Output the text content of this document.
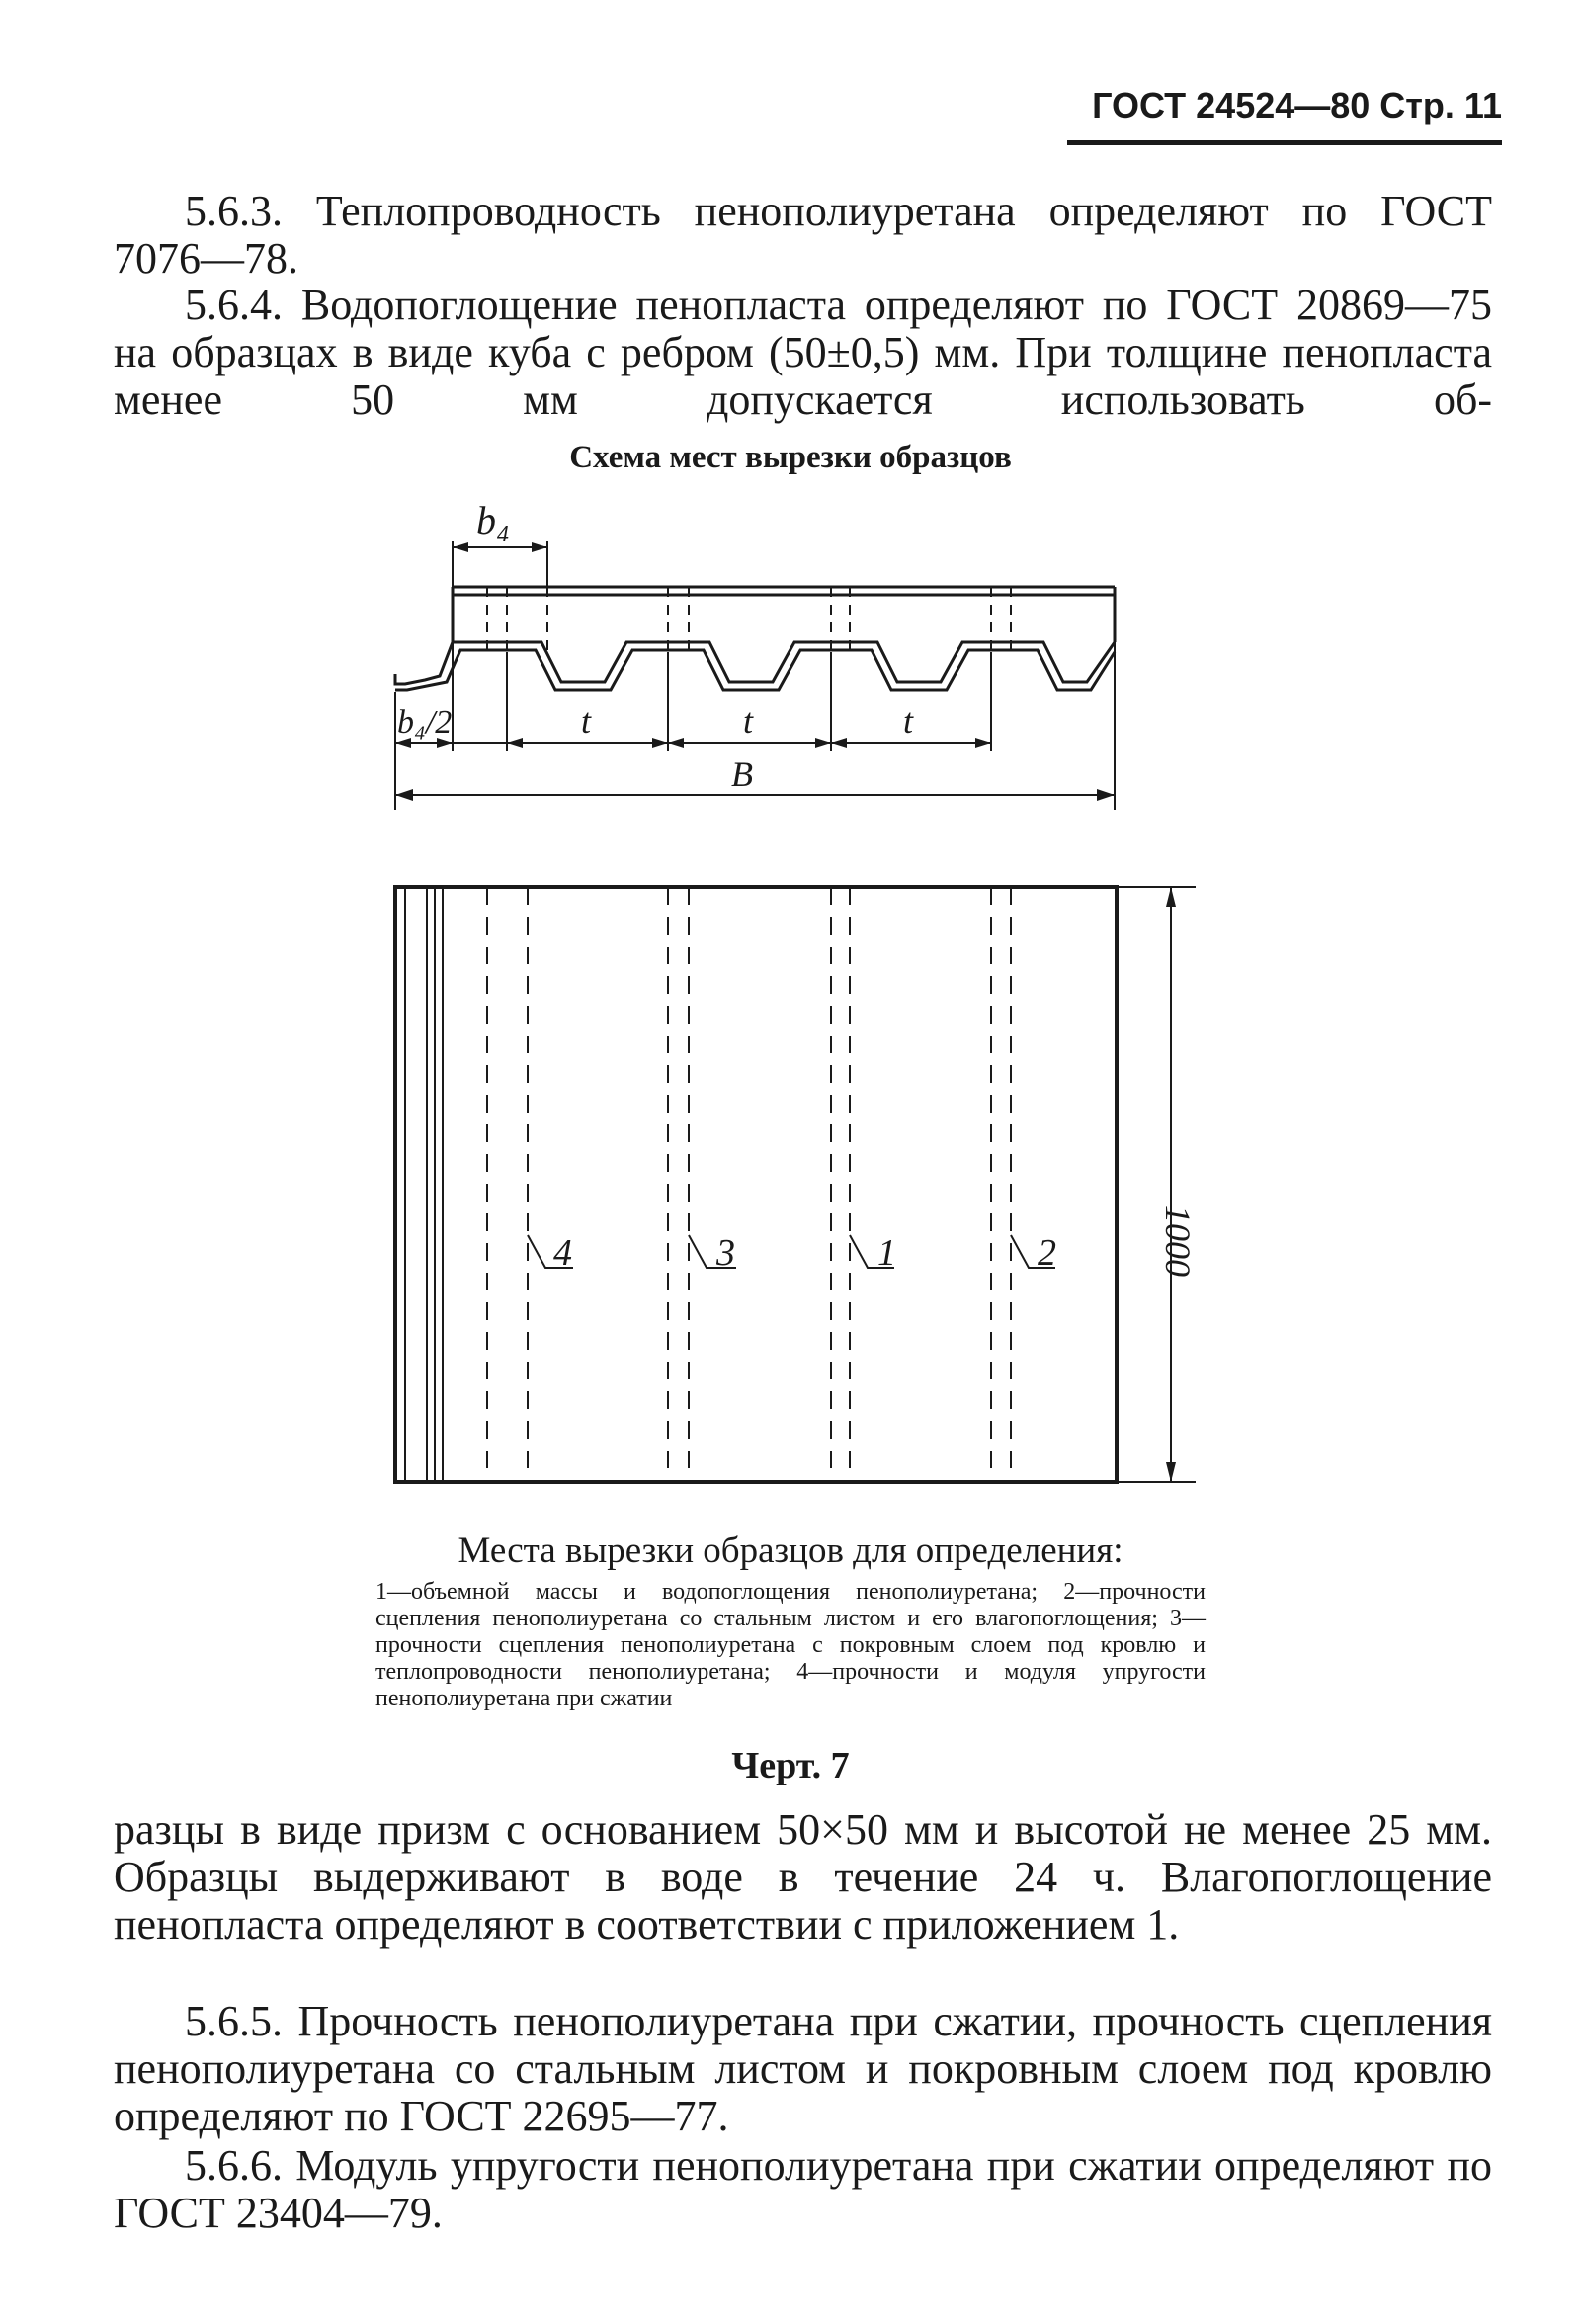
ГОСТ 24524—80 Стр. 11
5.6.3. Теплопроводность пенополиуретана определяют по ГОСТ
7076—78.
5.6.4. Водопоглощение пенопласта определяют по ГОСТ 20869—75 на образцах в виде куба с ребром (50±0,5) мм. При толщине пенопласта менее 50 мм допускается использовать об-
Схема мест вырезки образцов
b₄
b₄/2	t	t	t
B
1000
4	3	1	2
Места вырезки образцов для определения:
1—объемной массы и водопоглощения пенополиуретана; 2—прочности сцепления пенополиуретана со стальным листом и его влагопоглощения; 3—прочности сцепления пенополиуретана с покровным слоем под кровлю и теплопроводности пенополиуретана; 4—прочности и модуля упругости пенополиуретана при сжатии
Черт. 7
разцы в виде призм с основанием 50×50 мм и высотой не менее 25 мм. Образцы выдерживают в воде в течение 24 ч. Влагопоглощение пенопласта определяют в соответствии с приложением 1.
5.6.5. Прочность пенополиуретана при сжатии, прочность сцепления пенополиуретана со стальным листом и покровным слоем под кровлю определяют по ГОСТ 22695—77.
5.6.6. Модуль упругости пенополиуретана при сжатии определяют по ГОСТ 23404—79.
